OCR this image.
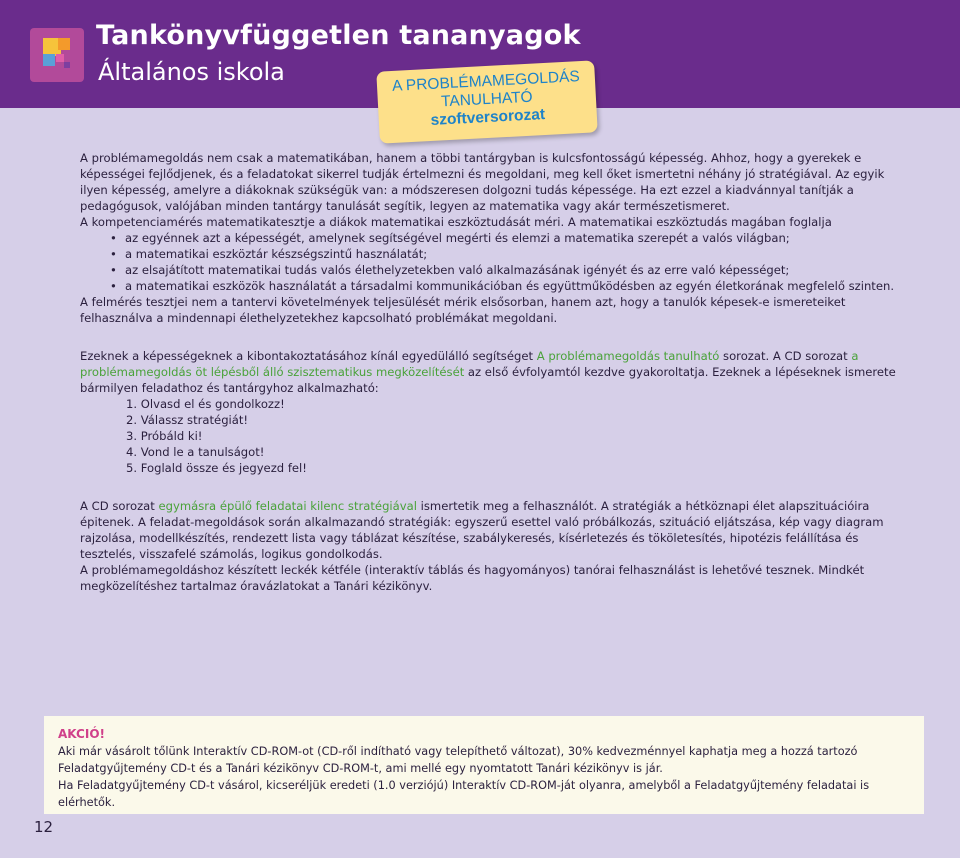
Tankönyvfüggetlen tananyagok
Általános iskola	A PROBLÉMAMEGOLDÁS
TANULHATÓ
szoftversorozat

A problémamegoldás nem csak a matematikában, hanem a többi tantárgyban is kulcsfontosságú képesség. Ahhoz, hogy a gyerekek e képességei fejlődjenek, és a feladatokat sikerrel tudják értelmezni és megoldani, meg kell őket ismertetni néhány jó stratégiával. Az egyik ilyen képesség, amelyre a diákoknak szükségük van: a módszeresen dolgozni tudás képessége. Ha ezt ezzel a kiadvánnyal tanítják a pedagógusok, valójában minden tantárgy tanulását segítik, legyen az matematika vagy akár természetismeret.

A kompetenciamérés matematikatesztje a diákok matematikai eszköztudását méri. A matematikai eszköztudás magában foglalja

• az egyénnek azt a képességét, amelynek segítségével megérti és elemzi a matematika szerepét a valós világban;
• a matematikai eszköztár készségszintű használatát;
• az elsajátított matematikai tudás valós élethelyzetekben való alkalmazásának igényét és az erre való képességet;
• a matematikai eszközök használatát a társadalmi kommunikációban és együttműködésben az egyén életkorának megfelelő szinten.

A felmérés tesztjei nem a tantervi követelmények teljesülését mérik elsősorban, hanem azt, hogy a tanulók képesek-e ismereteiket felhasználva a mindennapi élethelyzetekhez kapcsolható problémákat megoldani.

Ezeknek a képességeknek a kibontakoztatásához kínál egyedülálló segítséget A problémamegoldás tanulható sorozat. A CD sorozat a problémamegoldás öt lépésből álló szisztematikus megközelítését az első évfolyamtól kezdve gyakoroltatja. Ezeknek a lépéseknek ismerete bármilyen feladathoz és tantárgyhoz alkalmazható:

1. Olvasd el és gondolkozz!
2. Válassz stratégiát!
3. Próbáld ki!
4. Vond le a tanulságot!
5. Foglald össze és jegyezd fel!

A CD sorozat egymásra épülő feladatai kilenc stratégiával ismertetik meg a felhasználót. A stratégiák a hétköznapi élet alapszituációira épitenek. A feladat-megoldások során alkalmazandó stratégiák: egyszerű esettel való próbálkozás, szituáció eljátszása, kép vagy diagram rajzolása, modellkészítés, rendezett lista vagy táblázat készítése, szabálykeresés, kísérletezés és tököletesítés, hipotézis felállítása és tesztelés, visszafelé számolás, logikus gondolkodás.

A problémamegoldáshoz készített leckék kétféle (interaktív táblás és hagyományos) tanórai felhasználást is lehetővé tesznek. Mindkét megközelítéshez tartalmaz óravázlatokat a Tanári kézikönyv.

AKCIÓ!
Aki már vásárolt tőlünk Interaktív CD-ROM-ot (CD-ről indítható vagy telepíthető változat), 30% kedvezménnyel kaphatja meg a hozzá tartozó Feladatgyűjtemény CD-t és a Tanári kézikönyv CD-ROM-t, ami mellé egy nyomtatott Tanári kézikönyv is jár.
Ha Feladatgyűjtemény CD-t vásárol, kicseréljük eredeti (1.0 verziójú) Interaktív CD-ROM-ját olyanra, amelyből a Feladatgyűjtemény feladatai is elérhetők.
12
